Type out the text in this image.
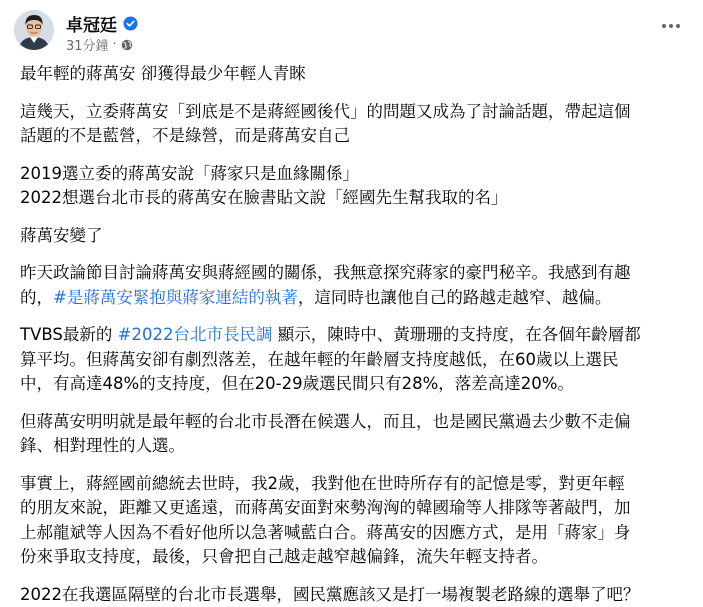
卓冠廷
31分鐘 ·

最年輕的蔣萬安 卻獲得最少年輕人青睞

這幾天，立委蔣萬安「到底是不是蔣經國後代」的問題又成為了討論話題，帶起這個
話題的不是藍營，不是綠營，而是蔣萬安自己

2019選立委的蔣萬安說「蔣家只是血緣關係」
2022想選台北市長的蔣萬安在臉書貼文說「經國先生幫我取的名」

蔣萬安變了

昨天政論節目討論蔣萬安與蔣經國的關係，我無意探究蔣家的豪門秘辛。我感到有趣
的，#是蔣萬安緊抱與蔣家連結的執著，這同時也讓他自己的路越走越窄、越偏。

TVBS最新的 #2022台北市長民調 顯示，陳時中、黃珊珊的支持度，在各個年齡層都
算平均。但蔣萬安卻有劇烈落差，在越年輕的年齡層支持度越低，在60歲以上選民
中，有高達48%的支持度，但在20-29歲選民間只有28%，落差高達20%。

但蔣萬安明明就是最年輕的台北市長潛在候選人，而且，也是國民黨過去少數不走偏
鋒、相對理性的人選。

事實上，蔣經國前總統去世時，我2歲，我對他在世時所存有的記憶是零，對更年輕
的朋友來說，距離又更遙遠，而蔣萬安面對來勢洶洶的韓國瑜等人排隊等著敲門，加
上郝龍斌等人因為不看好他所以急著喊藍白合。蔣萬安的因應方式，是用「蔣家」身
份來爭取支持度，最後，只會把自己越走越窄越偏鋒，流失年輕支持者。

2022在我選區隔壁的台北市長選舉，國民黨應該又是打一場複製老路線的選舉了吧？
